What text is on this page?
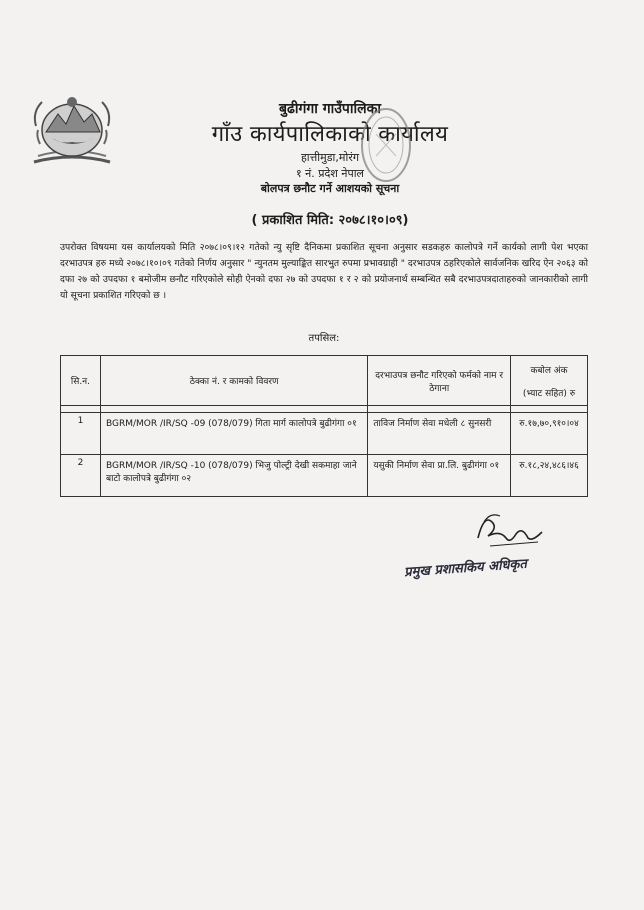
बुढीगंगा गाउँपालिका
गाँउ कार्यपालिकाको कार्यालय
हात्तीमुडा,मोरंग
१ नं. प्रदेश नेपाल
बोलपत्र छनौट गर्ने आशयको सूचना
( प्रकाशित मिति: २०७८।१०।०९)
उपरोक्त विषयमा यस कार्यालयको मिति २०७८।०९।१२ गतेको न्यु सृष्टि दैनिकमा प्रकाशित सूचना अनुसार सडकहरु कालोपत्रे गर्ने कार्यको लागी पेश भएका दरभाउपत्र हरु मध्ये २०७८।१०।०९ गतेको निर्णय अनुसार " न्युनतम मुल्याङ्कित सारभुत रुपमा प्रभावग्राही " दरभाउपत्र ठहरिएकोले सार्वजनिक खरिद ऐन २०६३ को दफा २७ को उपदफा १ बमोजीम छनौट गरिएकोले सोही ऐनको दफा २७ को उपदफा १ र २ को प्रयोजनार्थ सम्बन्धित सबै दरभाउपत्रदाताहरुको जानकारीको लागी यो सूचना प्रकाशित गरिएको छ ।
तपसिल:
सि.न.	ठेक्का नं. र कामको विवरण	दरभाउपत्र छनौट गरिएको फर्मको नाम र ठेगाना	कबोल अंक
(भ्याट सहित) रु

1	BGRM/MOR /IR/SQ -09 (078/079) गिता मार्ग कालोपत्रे बुढीगंगा ०१	ताविज निर्माण सेवा मधेली ८ सुनसरी	रु.१७,७०,९१०।०४
2	BGRM/MOR /IR/SQ -10 (078/079) भिजु पोल्ट्री देखी सकमाहा जाने बाटो कालोपत्रे बुढीगंगा ०२	यसुकी निर्माण सेवा प्रा.लि. बुढीगंगा ०१	रु.१८,२४,४८६।४६
प्रमुख प्रशासकिय अधिकृत
